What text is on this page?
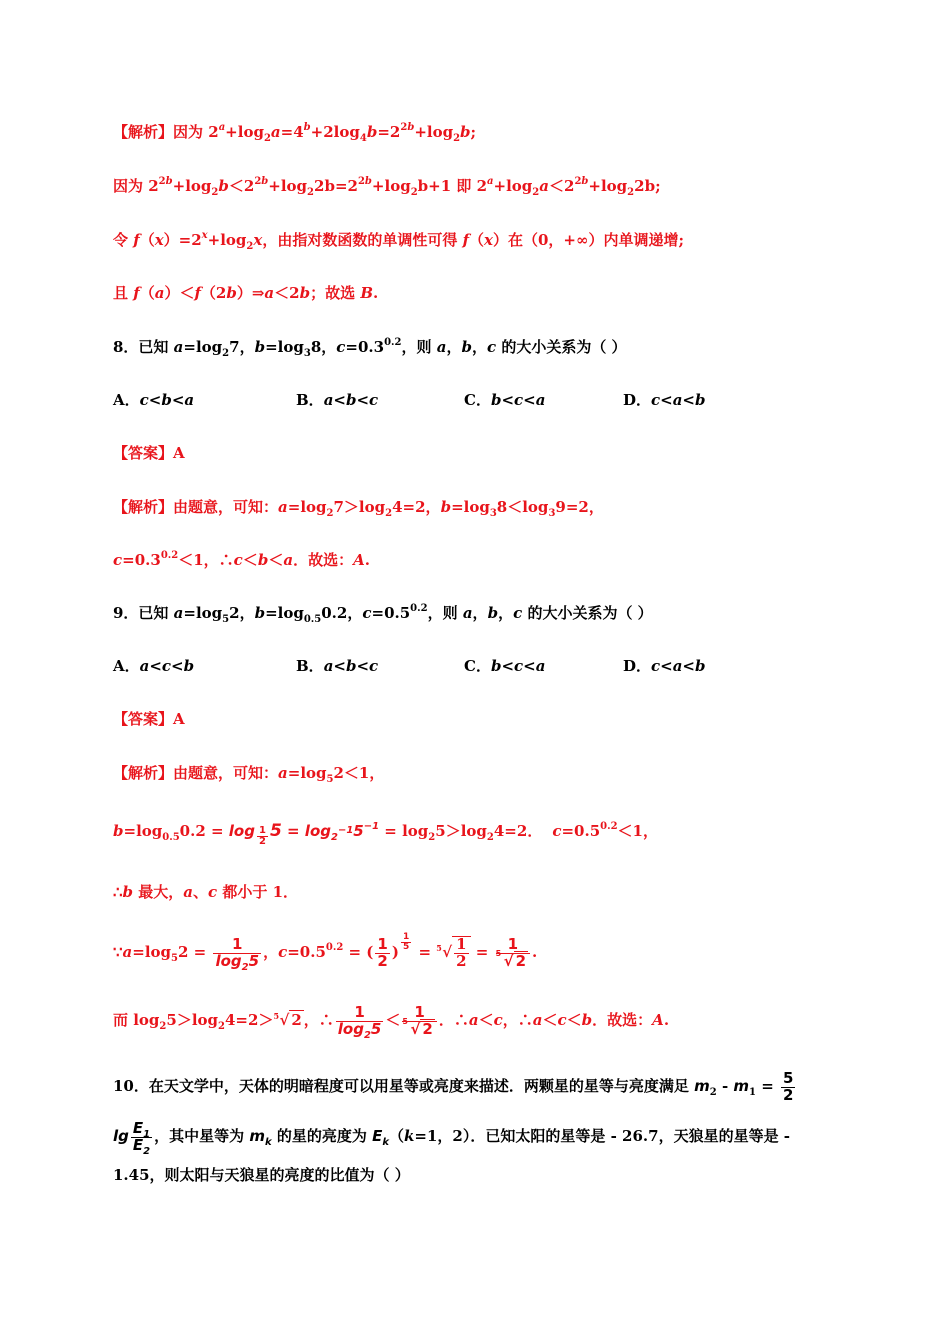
【解析】因为 $2^a+\log_2a=4^b+2\log_4b=2^{2b}+\log_2b$;
因为 $2^{2b}+\log_2b<2^{2b}+\log_22b=2^{2b}+\log_2b+1$ 即 $2^a+\log_2a<2^{2b}+\log_22b$;
令 $f(x)=2^x+\log_2x$，由指对数函数的单调性可得 f（x）在（0，+∞）内单调递增;
且 f（a）＜f（2b）⇒a＜2b；故选 B.
8．已知 $a=\log_27$，$b=\log_38$，$c=0.3^{0.2}$，则 a，b，c 的大小关系为（ ）
A．c<b<a	B．a<b<c	C．b<c<a	D．c<a<b
【答案】A
【解析】由题意，可知：$a=\log_27>\log_24=2$，$b=\log_38<\log_39=2$，
$c=0.3^{0.2}<1$，∴c＜b＜a．故选：A.
9．已知 $a=\log_52$，$b=\log_{0.5}0.2$，$c=0.5^{0.2}$，则 a，b，c 的大小关系为（ ）
A．a<c<b	B．a<b<c	C．b<c<a	D．c<a<b
【答案】A
【解析】由题意，可知：$a=\log_52<1$，
$b=\log_{0.5}0.2 = \log \frac{1}{2} 5 = \log_{2^{-1}}5^{-1} = \log_25>\log_24=2$． $c=0.5^{0.2}<1$，
∴b 最大，a、c 都小于 1．
$\because a=\log_52 = \frac{1}{\log_25}$ ，$c=0.5^{0.2}$ = ( $\frac{1}{2}$ ) $\frac{1}{5} = 5$ √ $\frac{1}{2} = \frac{1}{5 √ 2}$ .
而 $\log_25>\log_24=2> 5$ √ 2 ，∴ $\frac{1}{\log_25} < \frac{1}{5 √ 2}$ ．∴a＜c，∴a＜c＜b．故选：A.
10．在天文学中，天体的明暗程度可以用星等或亮度来描述．两颗星的星等与亮度满足 $m_2 - m_1 = \frac{5}{2}$
$\lg \frac{E_1}{E_2}$ ，其中星等为 $m_k$ 的星的亮度为 $E_k(k=1$，2）．已知太阳的星等是 - 26.7，天狼星的星等是 -
1.45，则太阳与天狼星的亮度的比值为（ ）
